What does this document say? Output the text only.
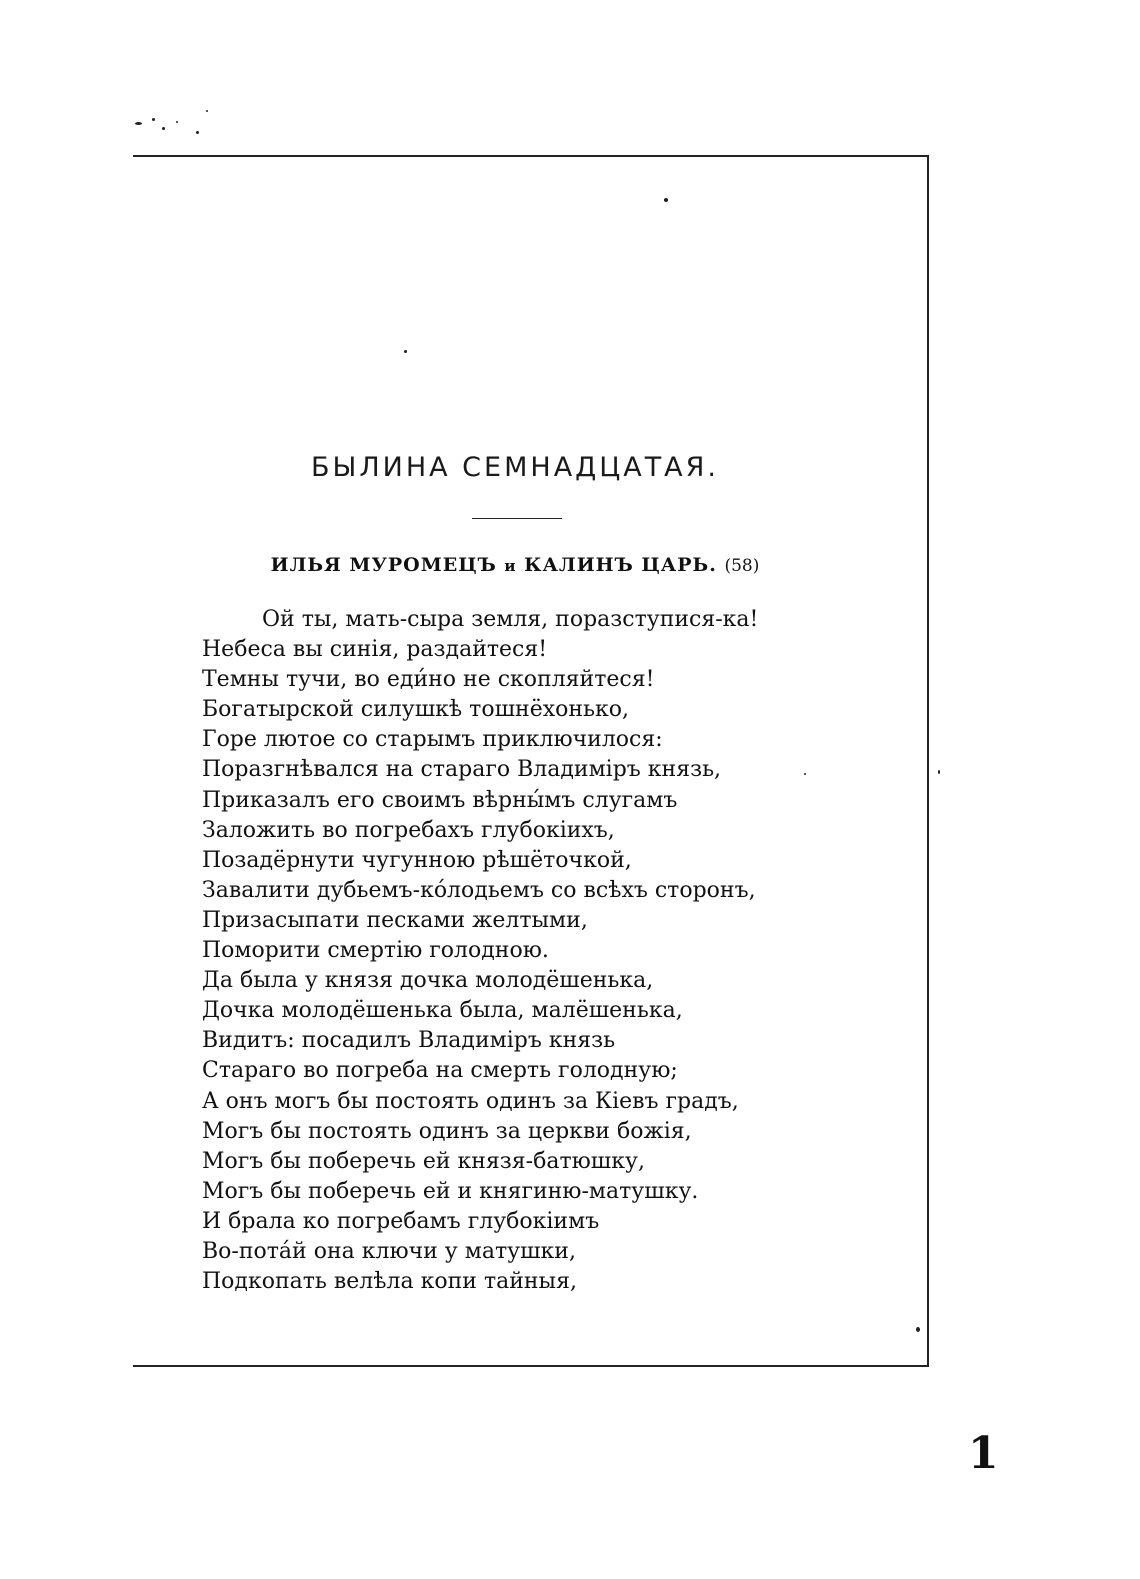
БЫЛИНА СЕМНАДЦАТАЯ.
ИЛЬЯ МУРОМЕЦЪ и КАЛИНЪ ЦАРЬ. (58)
Ой ты, мать-сыра земля, поразступися-ка!
Небеса вы синія, раздайтеся!
Темны тучи, во еди́но не скопляйтеся!
Богатырской силушкѣ тошнёхонько,
Горе лютое со старымъ приключилося:
Поразгнѣвался на стараго Владиміръ князь,
Приказалъ его своимъ вѣрны́мъ слугамъ
Заложить во погребахъ глубокіихъ,
Позадёрнути чугунною рѣшёточкой,
Завалити дубьемъ-ко́лодьемъ со всѣхъ сторонъ,
Призасыпати песками желтыми,
Поморити смертію голодною.
Да была у князя дочка молодёшенька,
Дочка молодёшенька была, малёшенька,
Видитъ: посадилъ Владиміръ князь
Стараго во погреба на смерть голодную;
А онъ могъ бы постоять одинъ за Кіевъ градъ,
Могъ бы постоять одинъ за церкви божія,
Могъ бы поберечь ей князя-батюшку,
Могъ бы поберечь ей и княгиню-матушку.
И брала ко погребамъ глубокіимъ
Во-пота́й она ключи у матушки,
Подкопать велѣла копи тайныя,
1
